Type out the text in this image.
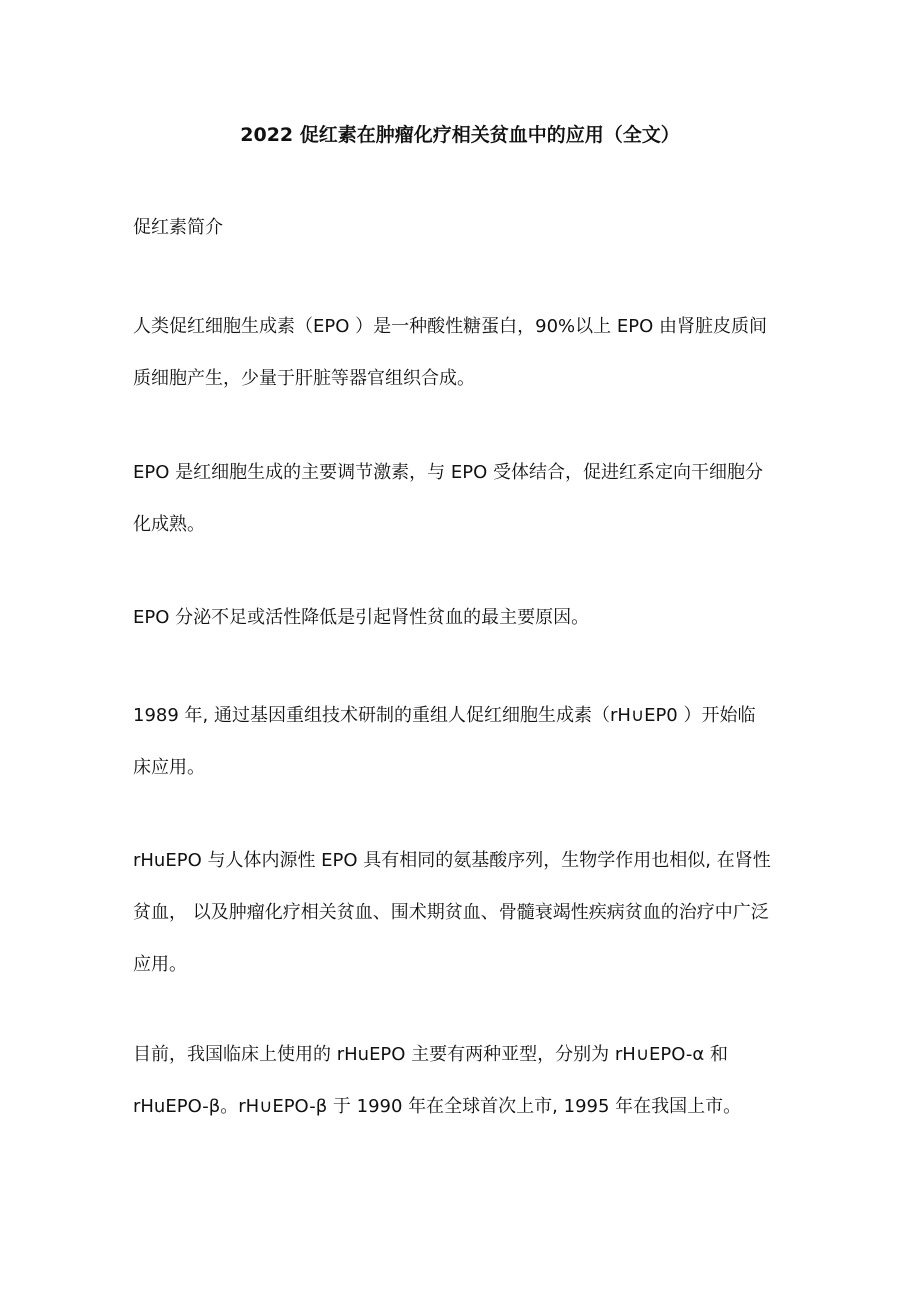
2022 促红素在肿瘤化疗相关贫血中的应用（全文）
促红素简介
人类促红细胞生成素（EPO ）是一种酸性糖蛋白，90%以上 EPO 由肾脏皮质间
质细胞产生，少量于肝脏等器官组织合成。
EPO 是红细胞生成的主要调节激素，与 EPO 受体结合，促进红系定向干细胞分
化成熟。
EPO 分泌不足或活性降低是引起肾性贫血的最主要原因。
1989 年, 通过基因重组技术研制的重组人促红细胞生成素（rH∪EP0 ）开始临
床应用。
rHuEPO 与人体内源性 EPO 具有相同的氨基酸序列，生物学作用也相似, 在肾性
贫血， 以及肿瘤化疗相关贫血、围术期贫血、骨髓衰竭性疾病贫血的治疗中广泛
应用。
目前，我国临床上使用的 rHuEPO 主要有两种亚型，分别为 rH∪EPO-α 和
rHuEPO-β。rH∪EPO-β 于 1990 年在全球首次上市, 1995 年在我国上市。
